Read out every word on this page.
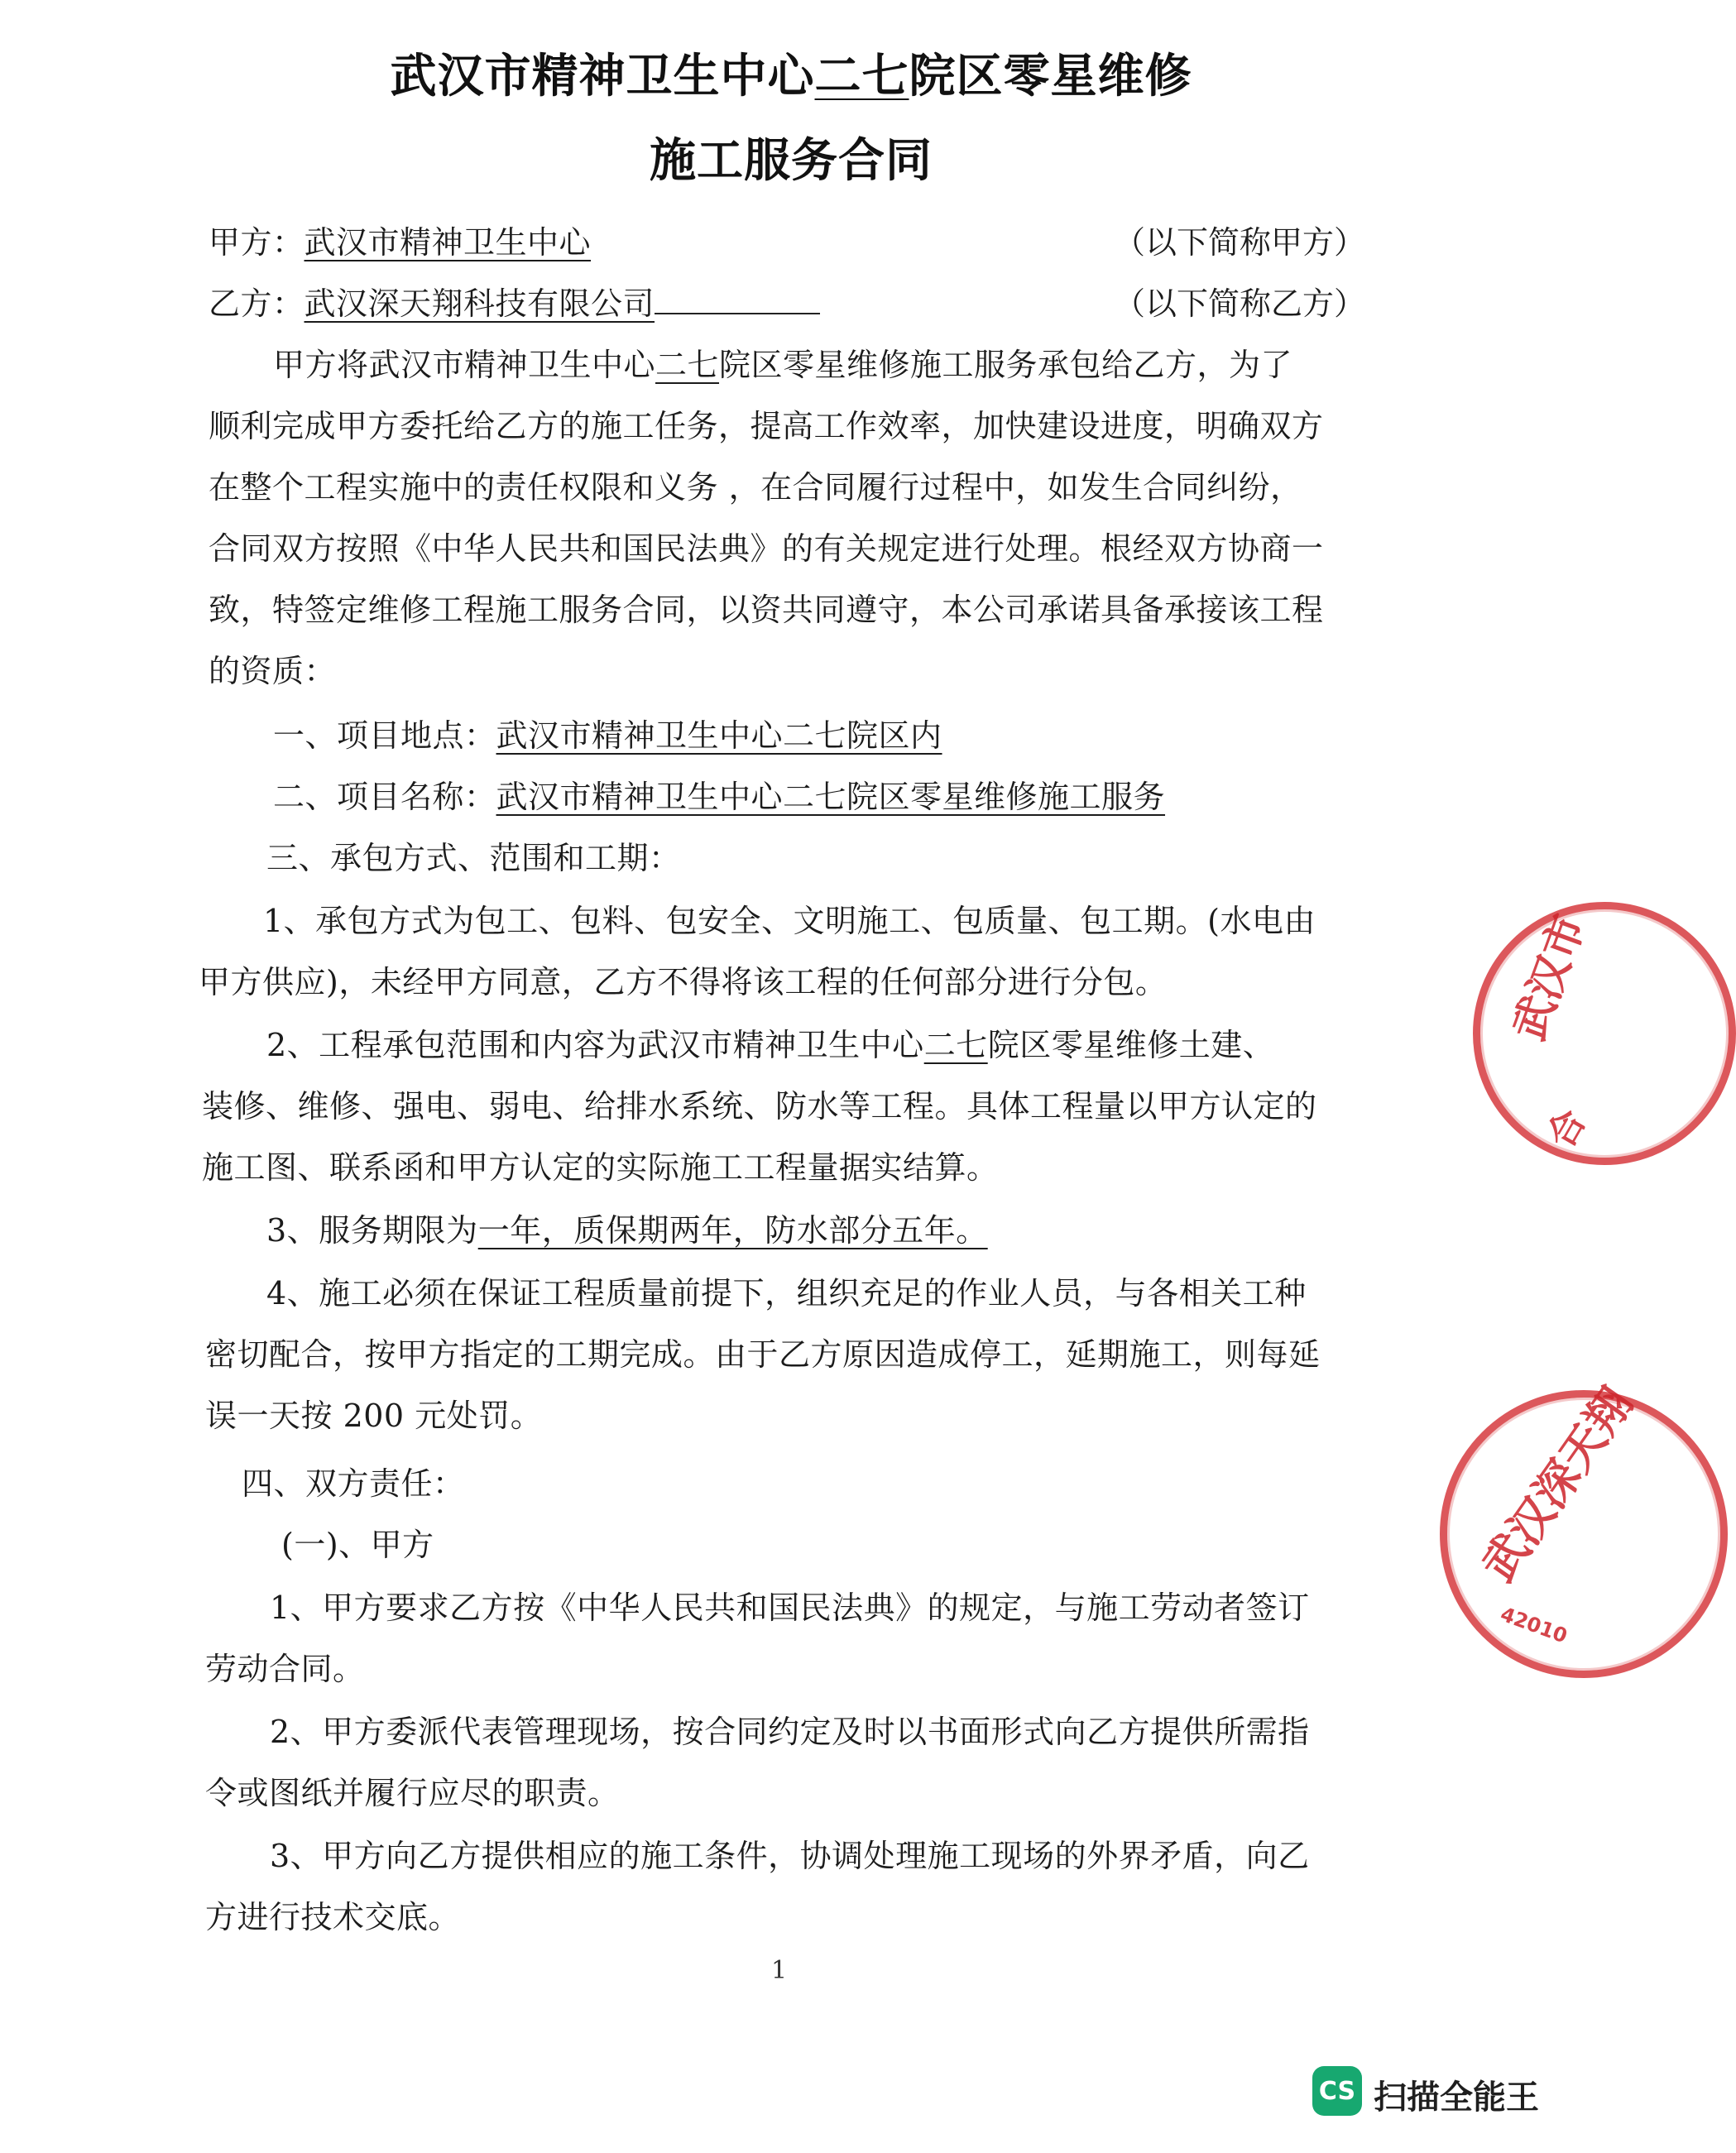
武汉市精神卫生中心二七院区零星维修
施工服务合同
甲方：武汉市精神卫生中心	（以下简称甲方）
乙方：武汉深天翔科技有限公司	（以下简称乙方）
甲方将武汉市精神卫生中心二七院区零星维修施工服务承包给乙方，为了
顺利完成甲方委托给乙方的施工任务，提高工作效率，加快建设进度，明确双方
在整个工程实施中的责任权限和义务 ，在合同履行过程中，如发生合同纠纷，
合同双方按照《中华人民共和国民法典》的有关规定进行处理。根经双方协商一
致，特签定维修工程施工服务合同，以资共同遵守，本公司承诺具备承接该工程
的资质：
一、项目地点：武汉市精神卫生中心二七院区内
二、项目名称：武汉市精神卫生中心二七院区零星维修施工服务
三、承包方式、范围和工期：
1、承包方式为包工、包料、包安全、文明施工、包质量、包工期。(水电由
甲方供应)，未经甲方同意，乙方不得将该工程的任何部分进行分包。
2、工程承包范围和内容为武汉市精神卫生中心二七院区零星维修土建、
装修、维修、强电、弱电、给排水系统、防水等工程。具体工程量以甲方认定的
施工图、联系函和甲方认定的实际施工工程量据实结算。
3、服务期限为一年，质保期两年，防水部分五年。
4、施工必须在保证工程质量前提下，组织充足的作业人员，与各相关工种
密切配合，按甲方指定的工期完成。由于乙方原因造成停工，延期施工，则每延
误一天按 200 元处罚。
四、双方责任：
(一)、甲方
1、甲方要求乙方按《中华人民共和国民法典》的规定，与施工劳动者签订
劳动合同。
2、甲方委派代表管理现场，按合同约定及时以书面形式向乙方提供所需指
令或图纸并履行应尽的职责。
3、甲方向乙方提供相应的施工条件，协调处理施工现场的外界矛盾，向乙
方进行技术交底。
1
武汉市
合
武汉深天翔
42010
CS 扫描全能王
